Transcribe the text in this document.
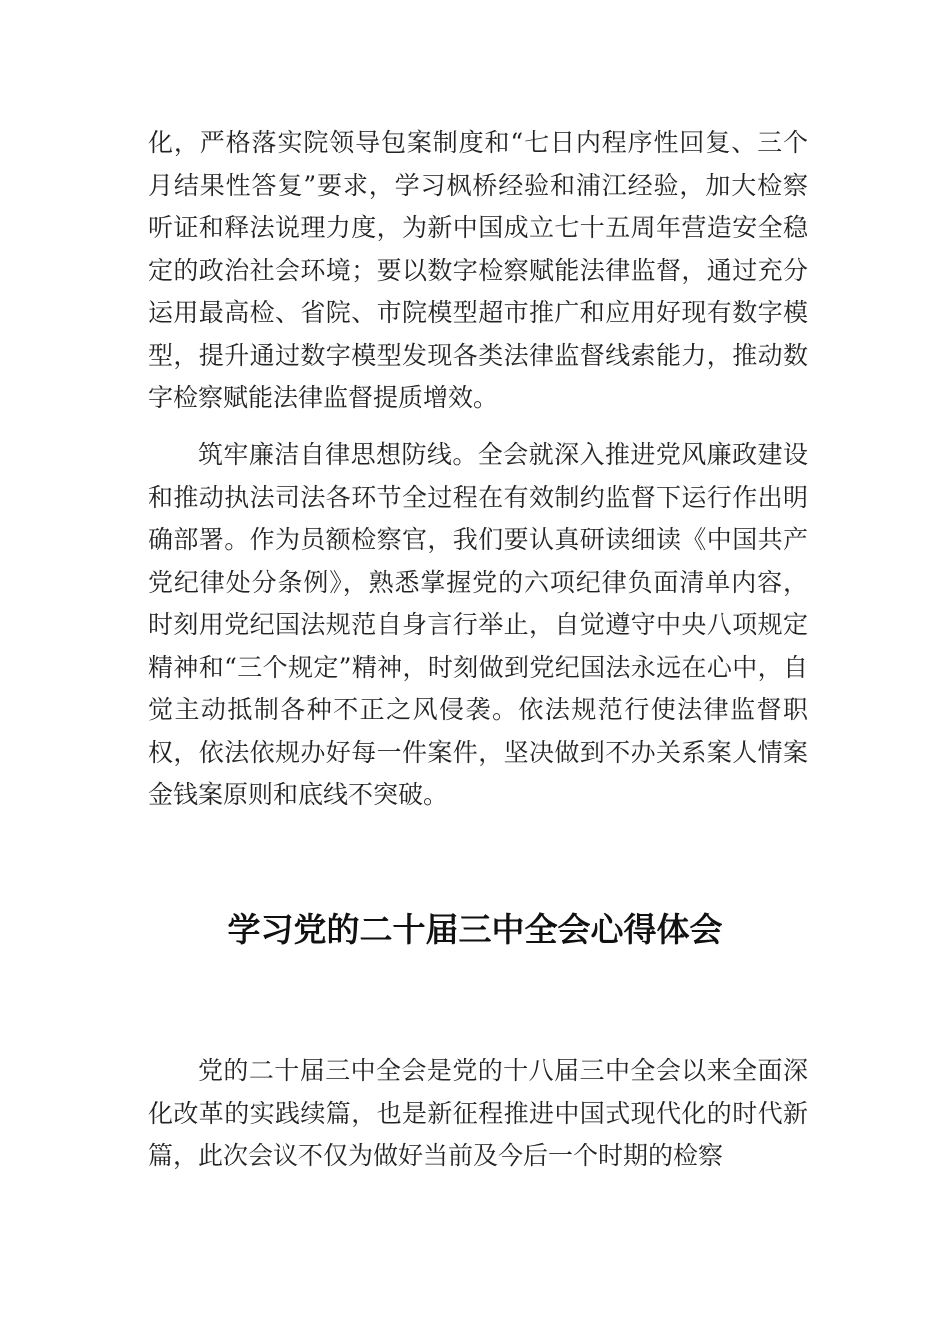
化，严格落实院领导包案制度和“七日内程序性回复、三个月结果性答复”要求，学习枫桥经验和浦江经验，加大检察听证和释法说理力度，为新中国成立七十五周年营造安全稳定的政治社会环境；要以数字检察赋能法律监督，通过充分运用最高检、省院、市院模型超市推广和应用好现有数字模型，提升通过数字模型发现各类法律监督线索能力，推动数字检察赋能法律监督提质增效。

筑牢廉洁自律思想防线。全会就深入推进党风廉政建设和推动执法司法各环节全过程在有效制约监督下运行作出明确部署。作为员额检察官，我们要认真研读细读《中国共产党纪律处分条例》，熟悉掌握党的六项纪律负面清单内容，时刻用党纪国法规范自身言行举止，自觉遵守中央八项规定精神和“三个规定”精神，时刻做到党纪国法永远在心中，自觉主动抵制各种不正之风侵袭。依法规范行使法律监督职权，依法依规办好每一件案件，坚决做到不办关系案人情案金钱案原则和底线不突破。

学习党的二十届三中全会心得体会

党的二十届三中全会是党的十八届三中全会以来全面深化改革的实践续篇，也是新征程推进中国式现代化的时代新篇，此次会议不仅为做好当前及今后一个时期的检察
